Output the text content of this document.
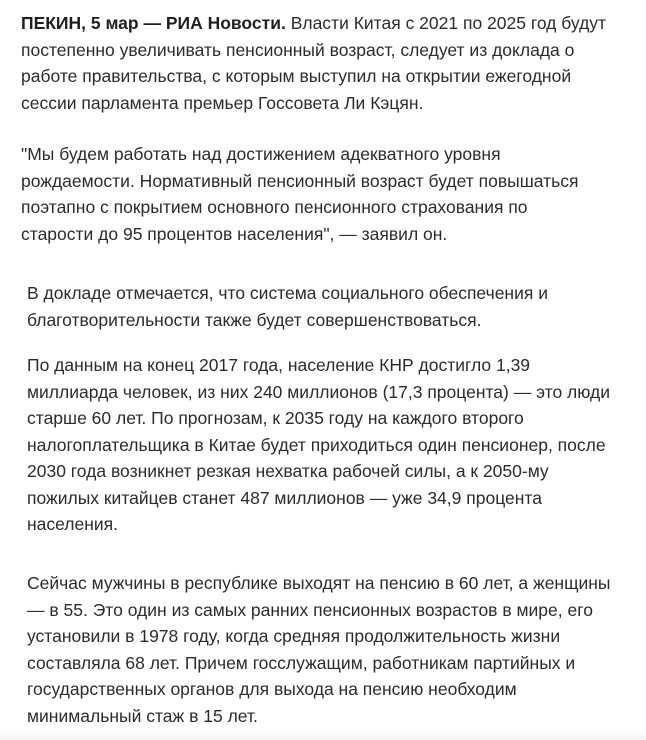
ПЕКИН, 5 мар — РИА Новости. Власти Китая с 2021 по 2025 год будут
постепенно увеличивать пенсионный возраст, следует из доклада о
работе правительства, с которым выступил на открытии ежегодной
сессии парламента премьер Госсовета Ли Кэцян.

"Мы будем работать над достижением адекватного уровня
рождаемости. Нормативный пенсионный возраст будет повышаться
поэтапно с покрытием основного пенсионного страхования по
старости до 95 процентов населения", — заявил он.

В докладе отмечается, что система социального обеспечения и
благотворительности также будет совершенствоваться.

По данным на конец 2017 года, население КНР достигло 1,39
миллиарда человек, из них 240 миллионов (17,3 процента) — это люди
старше 60 лет. По прогнозам, к 2035 году на каждого второго
налогоплательщика в Китае будет приходиться один пенсионер, после
2030 года возникнет резкая нехватка рабочей силы, а к 2050-му
пожилых китайцев станет 487 миллионов — уже 34,9 процента
населения.

Сейчас мужчины в республике выходят на пенсию в 60 лет, а женщины
— в 55. Это один из самых ранних пенсионных возрастов в мире, его
установили в 1978 году, когда средняя продолжительность жизни
составляла 68 лет. Причем госслужащим, работникам партийных и
государственных органов для выхода на пенсию необходим
минимальный стаж в 15 лет.
